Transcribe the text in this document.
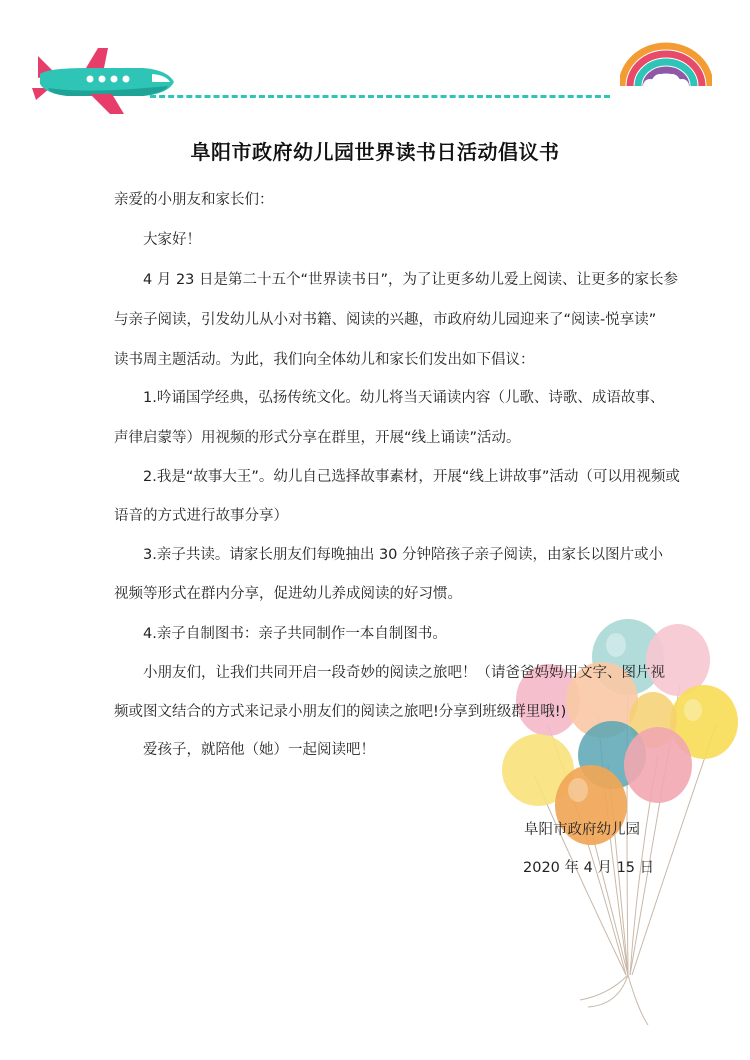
阜阳市政府幼儿园世界读书日活动倡议书
亲爱的小朋友和家长们：
大家好！
4 月 23 日是第二十五个“世界读书日”，为了让更多幼儿爱上阅读、让更多的家长参
与亲子阅读，引发幼儿从小对书籍、阅读的兴趣，市政府幼儿园迎来了“阅读-悦享读”
读书周主题活动。为此，我们向全体幼儿和家长们发出如下倡议：
1.吟诵国学经典，弘扬传统文化。幼儿将当天诵读内容（儿歌、诗歌、成语故事、
声律启蒙等）用视频的形式分享在群里，开展“线上诵读”活动。
2.我是“故事大王”。幼儿自己选择故事素材，开展“线上讲故事”活动（可以用视频或
语音的方式进行故事分享）
3.亲子共读。请家长朋友们每晚抽出 30 分钟陪孩子亲子阅读，由家长以图片或小
视频等形式在群内分享，促进幼儿养成阅读的好习惯。
4.亲子自制图书：亲子共同制作一本自制图书。
小朋友们，让我们共同开启一段奇妙的阅读之旅吧！（请爸爸妈妈用文字、图片视
频或图文结合的方式来记录小朋友们的阅读之旅吧!分享到班级群里哦!)
爱孩子，就陪他（她）一起阅读吧！
阜阳市政府幼儿园
2020 年 4 月 15 日
